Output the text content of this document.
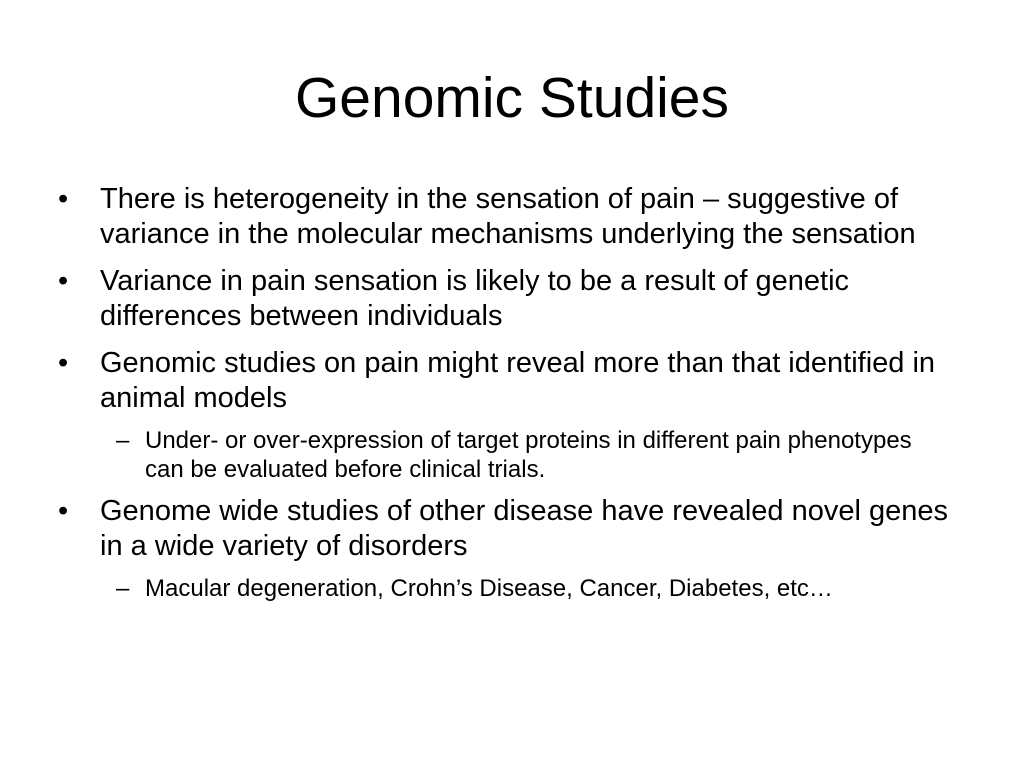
Genomic Studies
• There is heterogeneity in the sensation of pain – suggestive of variance in the molecular mechanisms underlying the sensation
• Variance in pain sensation is likely to be a result of genetic differences between individuals
• Genomic studies on pain might reveal more than that identified in animal models
– Under- or over-expression of target proteins in different pain phenotypes can be evaluated before clinical trials.
• Genome wide studies of other disease have revealed novel genes in a wide variety of disorders
– Macular degeneration, Crohn’s Disease, Cancer, Diabetes, etc…
